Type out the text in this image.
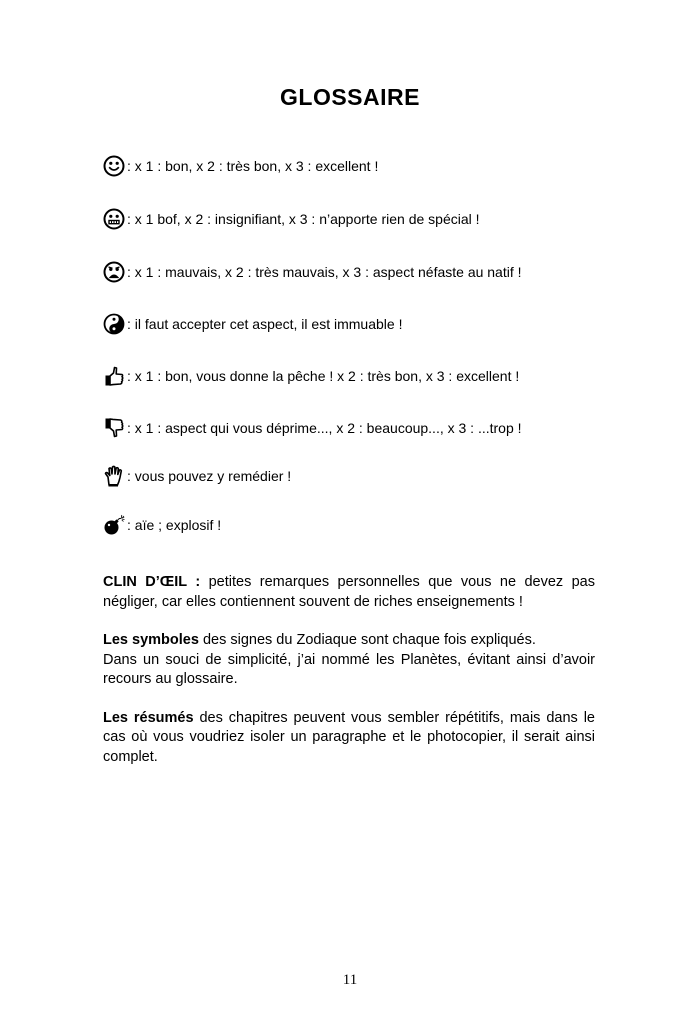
GLOSSAIRE
: x 1 : bon, x 2 : très bon, x 3 : excellent !
: x 1 bof, x 2 : insignifiant, x 3 : n’apporte rien de spécial !
: x 1 : mauvais, x 2 : très mauvais, x 3 : aspect néfaste au natif !
: il faut accepter cet aspect, il est immuable !
: x 1 : bon, vous donne la pêche ! x 2 : très bon, x 3 : excellent !
: x 1 : aspect qui vous déprime..., x 2 : beaucoup..., x 3 : ...trop !
: vous pouvez y remédier !
: aïe ; explosif !

CLIN D’ŒIL : petites remarques personnelles que vous ne devez pas négliger, car elles contiennent souvent de riches enseignements !

Les symboles des signes du Zodiaque sont chaque fois expliqués.
Dans un souci de simplicité, j’ai nommé les Planètes, évitant ainsi d’avoir recours au glossaire.

Les résumés des chapitres peuvent vous sembler répétitifs, mais dans le cas où vous voudriez isoler un paragraphe et le photocopier, il serait ainsi complet.

11
